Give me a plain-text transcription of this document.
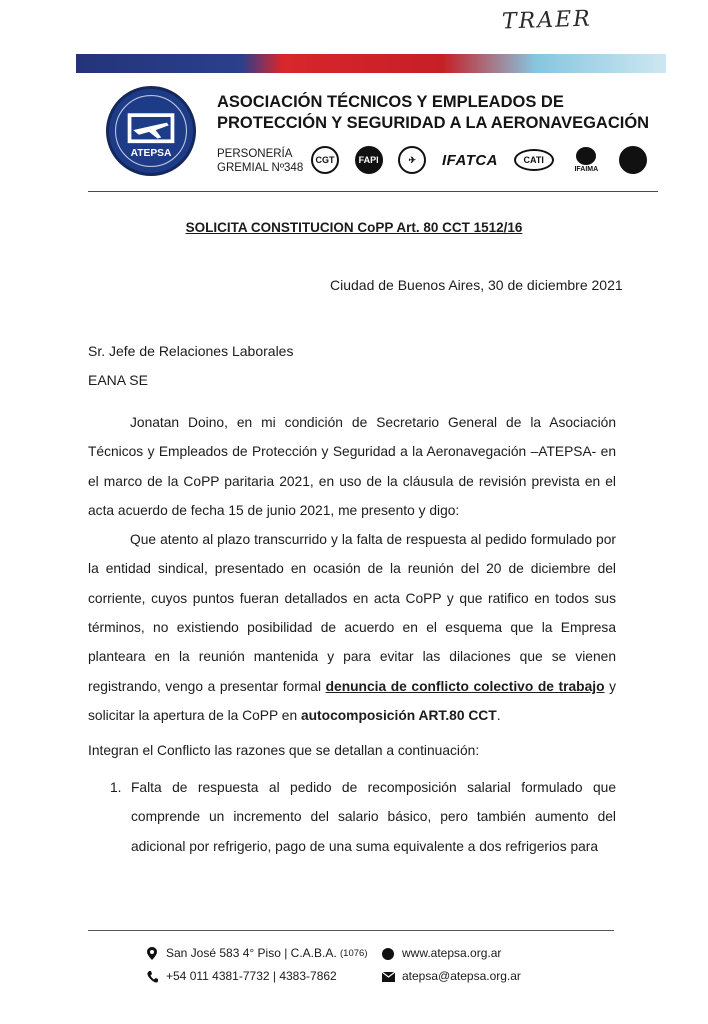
TRAER
ATEPSA
ASOCIACIÓN TÉCNICOS Y EMPLEADOS DE
PROTECCIÓN Y SEGURIDAD A LA AERONAVEGACIÓN
PERSONERÍA
GREMIAL Nº348
CGT	FAPI	✈	IFATCA	CATI
IFAIMA
SOLICITA CONSTITUCION CoPP Art. 80 CCT 1512/16
Ciudad de Buenos Aires, 30 de diciembre 2021
Sr. Jefe de Relaciones Laborales
EANA SE

Jonatan Doino, en mi condición de Secretario General de la Asociación Técnicos y Empleados de Protección y Seguridad a la Aeronavegación –ATEPSA- en el marco de la CoPP paritaria 2021, en uso de la cláusula de revisión prevista en el acta acuerdo de fecha 15 de junio 2021, me presento y digo:

Que atento al plazo transcurrido y la falta de respuesta al pedido formulado por la entidad sindical, presentado en ocasión de la reunión del 20 de diciembre del corriente, cuyos puntos fueran detallados en acta CoPP y que ratifico en todos sus términos, no existiendo posibilidad de acuerdo en el esquema que la Empresa planteara en la reunión mantenida y para evitar las dilaciones que se vienen registrando, vengo a presentar formal denuncia de conflicto colectivo de trabajo y solicitar la apertura de la CoPP en autocomposición ART.80 CCT.

Integran el Conflicto las razones que se detallan a continuación:

1. Falta de respuesta al pedido de recomposición salarial formulado que comprende un incremento del salario básico, pero también aumento del adicional por refrigerio, pago de una suma equivalente a dos refrigerios para
San José 583 4° Piso | C.A.B.A.
(1076)	www.atepsa.org.ar
+54 011 4381-7732 | 4383-7862	atepsa@atepsa.org.ar
